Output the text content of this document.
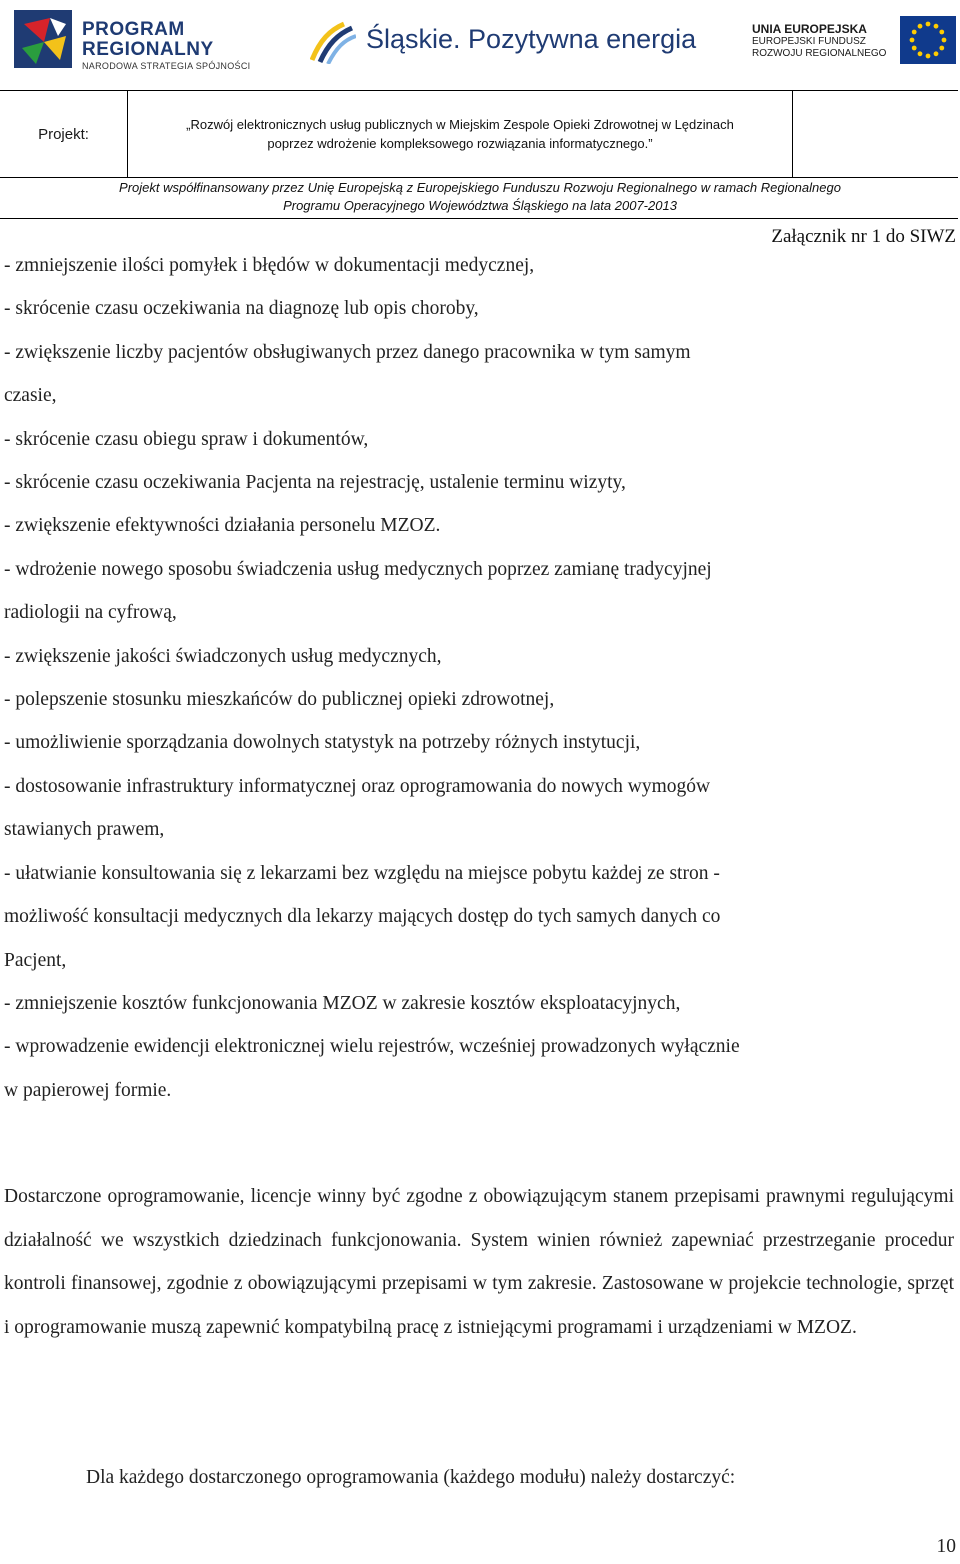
PROGRAM
REGIONALNY
NARODOWA STRATEGIA SPÓJNOŚCI
Śląskie. Pozytywna energia	UNIA EUROPEJSKA
EUROPEJSKI FUNDUSZ
ROZWOJU REGIONALNEGO
Projekt:
„Rozwój elektronicznych usług publicznych w Miejskim Zespole Opieki Zdrowotnej w Lędzinach
poprzez wdrożenie kompleksowego rozwiązania informatycznego.”
Projekt współfinansowany przez Unię Europejską z Europejskiego Funduszu Rozwoju Regionalnego w ramach Regionalnego
Programu Operacyjnego Województwa Śląskiego na lata 2007-2013
Załącznik nr 1 do SIWZ
- zmniejszenie ilości pomyłek i błędów w dokumentacji medycznej,
- skrócenie czasu oczekiwania na diagnozę lub opis choroby,
- zwiększenie liczby pacjentów obsługiwanych przez danego pracownika w tym samym
czasie,
- skrócenie czasu obiegu spraw i dokumentów,
- skrócenie czasu oczekiwania Pacjenta na rejestrację, ustalenie terminu wizyty,
- zwiększenie efektywności działania personelu MZOZ.
- wdrożenie nowego sposobu świadczenia usług medycznych poprzez zamianę tradycyjnej
radiologii na cyfrową,
- zwiększenie jakości świadczonych usług medycznych,
- polepszenie stosunku mieszkańców do publicznej opieki zdrowotnej,
- umożliwienie sporządzania dowolnych statystyk na potrzeby różnych instytucji,
- dostosowanie infrastruktury informatycznej oraz oprogramowania do nowych wymogów
stawianych prawem,
- ułatwianie konsultowania się z lekarzami bez względu na miejsce pobytu każdej ze stron -
możliwość konsultacji medycznych dla lekarzy mających dostęp do tych samych danych co
Pacjent,
- zmniejszenie kosztów funkcjonowania MZOZ w zakresie kosztów eksploatacyjnych,
- wprowadzenie ewidencji elektronicznej wielu rejestrów, wcześniej prowadzonych wyłącznie
w papierowej formie.
Dostarczone oprogramowanie, licencje winny być zgodne z obowiązującym stanem przepisami prawnymi regulującymi działalność we wszystkich dziedzinach funkcjonowania. System winien również zapewniać przestrzeganie procedur kontroli finansowej, zgodnie z obowiązującymi przepisami w tym zakresie. Zastosowane w projekcie technologie, sprzęt i oprogramowanie muszą zapewnić kompatybilną pracę z istniejącymi programami i urządzeniami w MZOZ.
Dla każdego dostarczonego oprogramowania (każdego modułu) należy dostarczyć:
10
